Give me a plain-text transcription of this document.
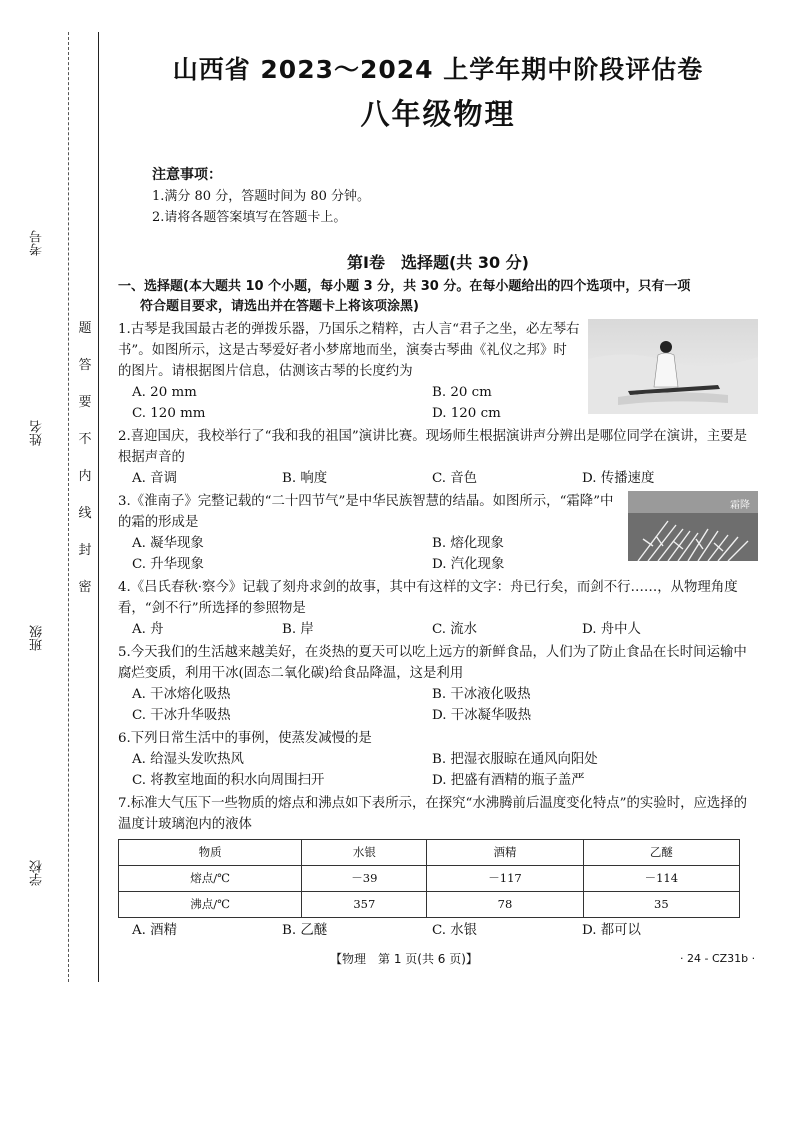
考号
姓名
班级
学校
题
答
要
不
内
线
封
密
山西省 2023～2024 上学年期中阶段评估卷
八年级物理
注意事项：
1.满分 80 分，答题时间为 80 分钟。
2.请将各题答案填写在答题卡上。
第Ⅰ卷　选择题(共 30 分)
一、选择题(本大题共 10 个小题，每小题 3 分，共 30 分。在每小题给出的四个选项中，只有一项
符合题目要求，请选出并在答题卡上将该项涂黑)
1.古琴是我国最古老的弹拨乐器，乃国乐之精粹，古人言“君子之坐，必左琴右书”。如图所示，这是古琴爱好者小梦席地而坐，演奏古琴曲《礼仪之邦》时的图片。请根据图片信息，估测该古琴的长度约为
A. 20 mm	B. 20 cm
C. 120 mm	D. 120 cm
2.喜迎国庆，我校举行了“我和我的祖国”演讲比赛。现场师生根据演讲声分辨出是哪位同学在演讲，主要是根据声音的
A. 音调	B. 响度	C. 音色	D. 传播速度
霜降
3.《淮南子》完整记载的“二十四节气”是中华民族智慧的结晶。如图所示，“霜降”中的霜的形成是
A. 凝华现象	B. 熔化现象
C. 升华现象	D. 汽化现象
4.《吕氏春秋·察今》记载了刻舟求剑的故事，其中有这样的文字：舟已行矣，而剑不行……，从物理角度看，“剑不行”所选择的参照物是
A. 舟	B. 岸	C. 流水	D. 舟中人
5.今天我们的生活越来越美好，在炎热的夏天可以吃上远方的新鲜食品，人们为了防止食品在长时间运输中腐烂变质，利用干冰(固态二氧化碳)给食品降温，这是利用
A. 干冰熔化吸热	B. 干冰液化吸热
C. 干冰升华吸热	D. 干冰凝华吸热
6.下列日常生活中的事例，使蒸发减慢的是
A. 给湿头发吹热风	B. 把湿衣服晾在通风向阳处
C. 将教室地面的积水向周围扫开	D. 把盛有酒精的瓶子盖严
7.标准大气压下一些物质的熔点和沸点如下表所示，在探究“水沸腾前后温度变化特点”的实验时，应选择的温度计玻璃泡内的液体
物质	水银	酒精	乙醚
熔点/℃	－39	－117	－114
沸点/℃	357	78	35
A. 酒精	B. 乙醚	C. 水银	D. 都可以
【物理　第 1 页(共 6 页)】	· 24 - CZ31b ·
